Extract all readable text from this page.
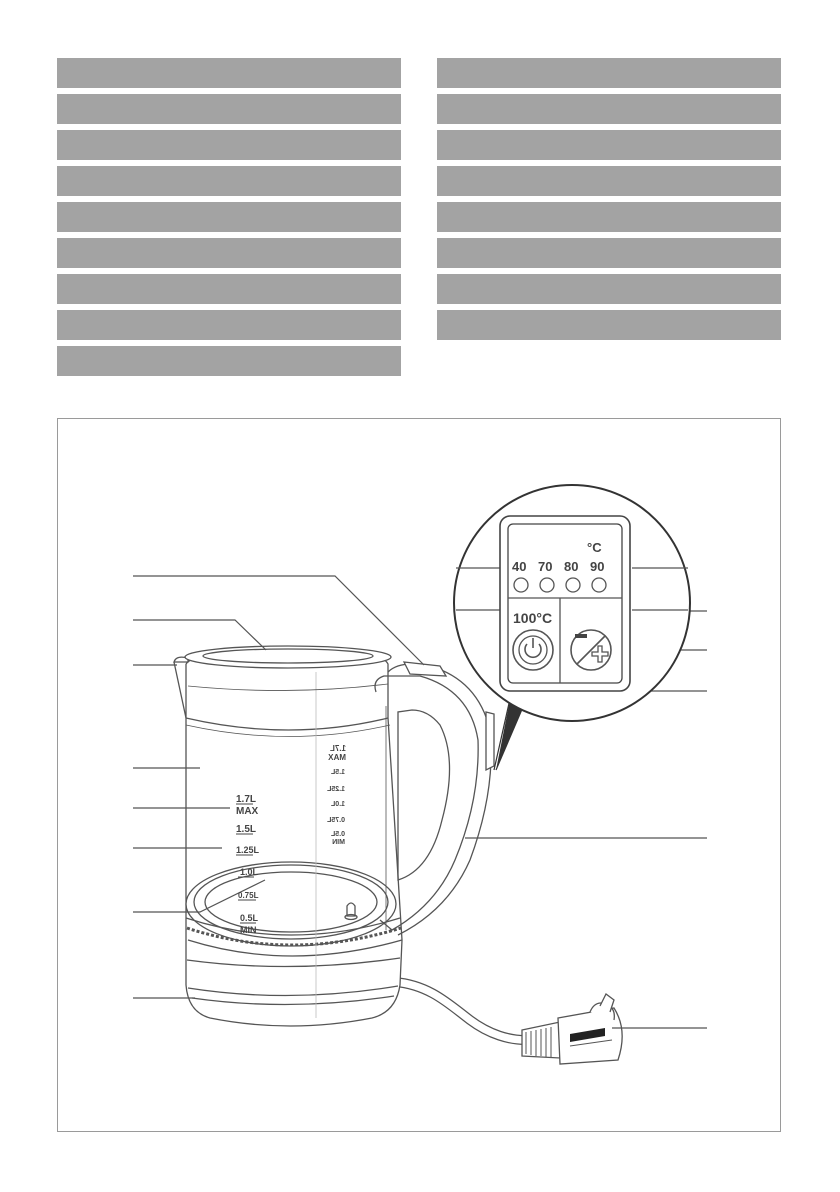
1.7L
MAX
1.5L
1.25L
1.0L
0.75L
0.5L
MIN
1.7L
MAX
1.5L
1.25L
1.0L
0.75L
0.5L
MIN
°C
40 70 80 90
100°C
